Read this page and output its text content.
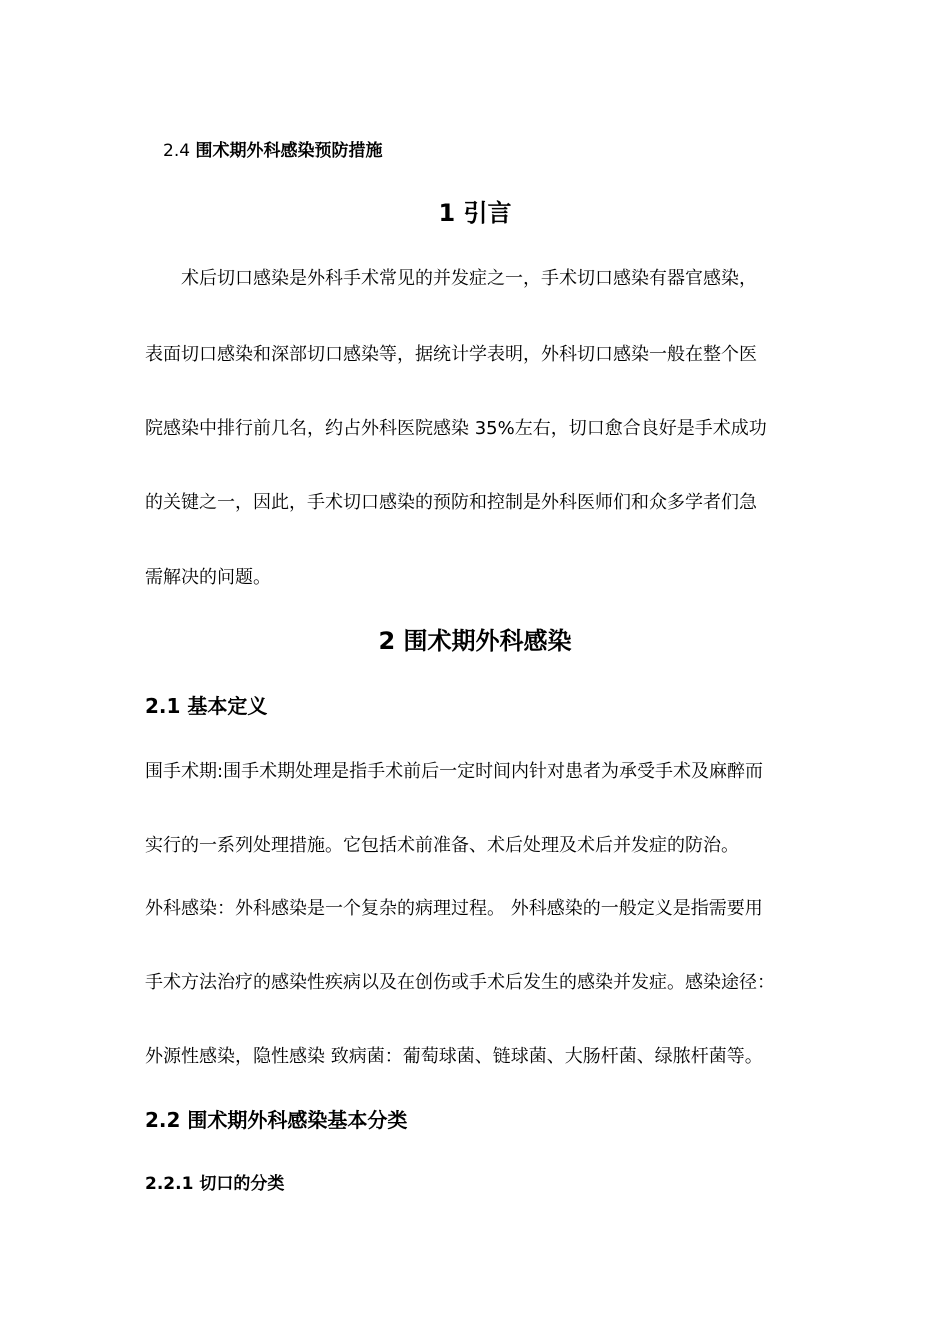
2.4 围术期外科感染预防措施
1 引言

术后切口感染是外科手术常见的并发症之一，手术切口感染有器官感染，

表面切口感染和深部切口感染等，据统计学表明，外科切口感染一般在整个医

院感染中排行前几名，约占外科医院感染 35%左右，切口愈合良好是手术成功

的关键之一，因此，手术切口感染的预防和控制是外科医师们和众多学者们急

需解决的问题。

2 围术期外科感染
2.1 基本定义

围手术期:围手术期处理是指手术前后一定时间内针对患者为承受手术及麻醉而

实行的一系列处理措施。它包括术前准备、术后处理及术后并发症的防治。

外科感染：外科感染是一个复杂的病理过程。 外科感染的一般定义是指需要用

手术方法治疗的感染性疾病以及在创伤或手术后发生的感染并发症。感染途径：

外源性感染，隐性感染 致病菌：葡萄球菌、链球菌、大肠杆菌、绿脓杆菌等。

2.2 围术期外科感染基本分类
2.2.1 切口的分类
